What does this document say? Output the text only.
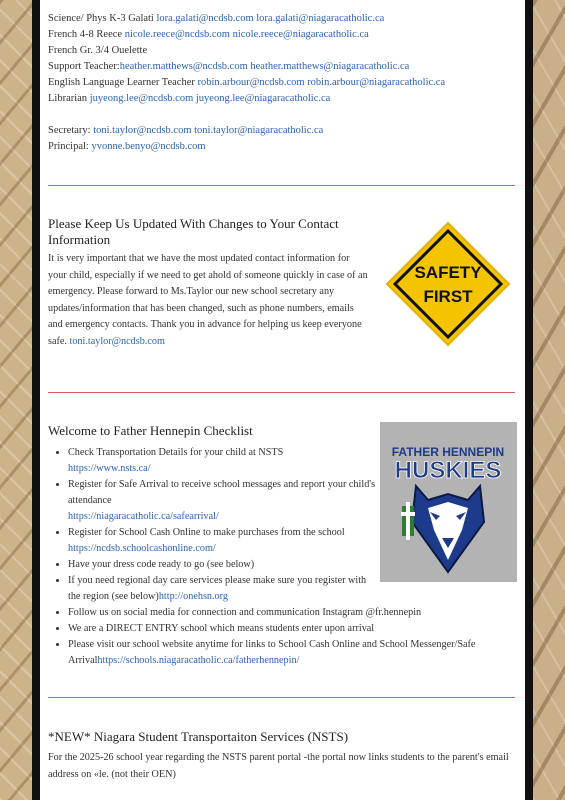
Science/ Phys K-3 Galati lora.galati@ncdsb.com lora.galati@niagaracatholic.ca
French 4-8 Reece nicole.reece@ncdsb.com nicole.reece@niagaracatholic.ca
French Gr. 3/4 Ouelette
Support Teacher:heather.matthews@ncdsb.com heather.matthews@niagaracatholic.ca
English Language Learner Teacher robin.arbour@ncdsb.com robin.arbour@niagaracatholic.ca
Librarian juyeong.lee@ncdsb.com juyeong.lee@niagaracatholic.ca
Secretary: toni.taylor@ncdsb.com toni.taylor@niagaracatholic.ca
Principal: yvonne.benyo@ncdsb.com
Please Keep Us Updated With Changes to Your Contact Information
It is very important that we have the most updated contact information for your child, especially if we need to get ahold of someone quickly in case of an emergency. Please forward to Ms.Taylor our new school secretary any updates/information that has been changed, such as phone numbers, emails and emergency contacts. Thank you in advance for helping us keep everyone safe. toni.taylor@ncdsb.com
SAFETY
FIRST
Welcome to Father Hennepin Checklist
• Check Transportation Details for your child at NSTS
https://www.nsts.ca/
• Register for Safe Arrival to receive school messages and report your child's attendance
https://niagaracatholic.ca/safearrival/
• Register for School Cash Online to make purchases from the school https://ncdsb.schoolcashonline.com/
• Have your dress code ready to go (see below)
• If you need regional day care services please make sure you register with the region (see below)http://onehsn.org
• Follow us on social media for connection and communication Instagram @fr.hennepin
• We are a DIRECT ENTRY school which means students enter upon arrival
• Please visit our school website anytime for links to School Cash Online and School Messenger/Safe Arrivalhttps://schools.niagaracatholic.ca/fatherhennepin/
FATHER HENNEPIN
HUSKIES
*NEW* Niagara Student Transportaiton Services (NSTS)
For the 2025-26 school year regarding the NSTS parent portal -the portal now links students to the parent's email address on «le. (not their OEN)
